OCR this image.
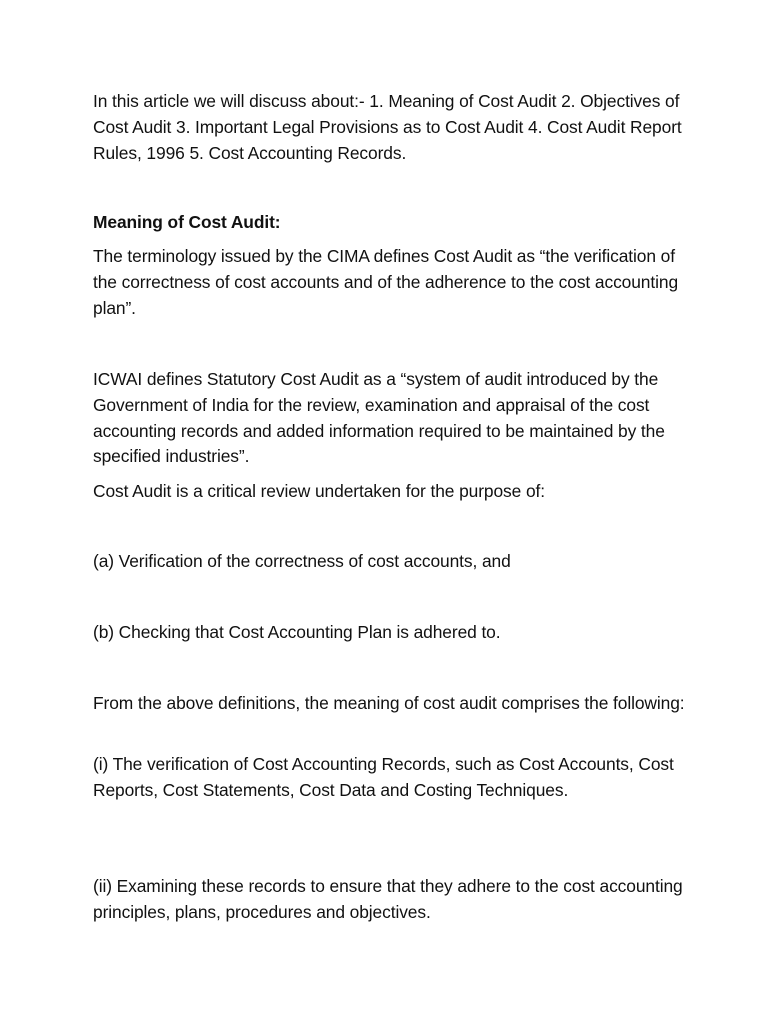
In this article we will discuss about:- 1. Meaning of Cost Audit 2. Objectives of Cost Audit 3. Important Legal Provisions as to Cost Audit 4. Cost Audit Report Rules, 1996 5. Cost Accounting Records.

Meaning of Cost Audit:

The terminology issued by the CIMA defines Cost Audit as “the verification of the correctness of cost accounts and of the adherence to the cost accounting plan”.

ICWAI defines Statutory Cost Audit as a “system of audit introduced by the Government of India for the review, examination and appraisal of the cost accounting records and added information required to be maintained by the specified industries”.

Cost Audit is a critical review undertaken for the purpose of:

(a) Verification of the correctness of cost accounts, and

(b) Checking that Cost Accounting Plan is adhered to.

From the above definitions, the meaning of cost audit comprises the following:

(i) The verification of Cost Accounting Records, such as Cost Accounts, Cost Reports, Cost Statements, Cost Data and Costing Techniques.

(ii) Examining these records to ensure that they adhere to the cost accounting principles, plans, procedures and objectives.
